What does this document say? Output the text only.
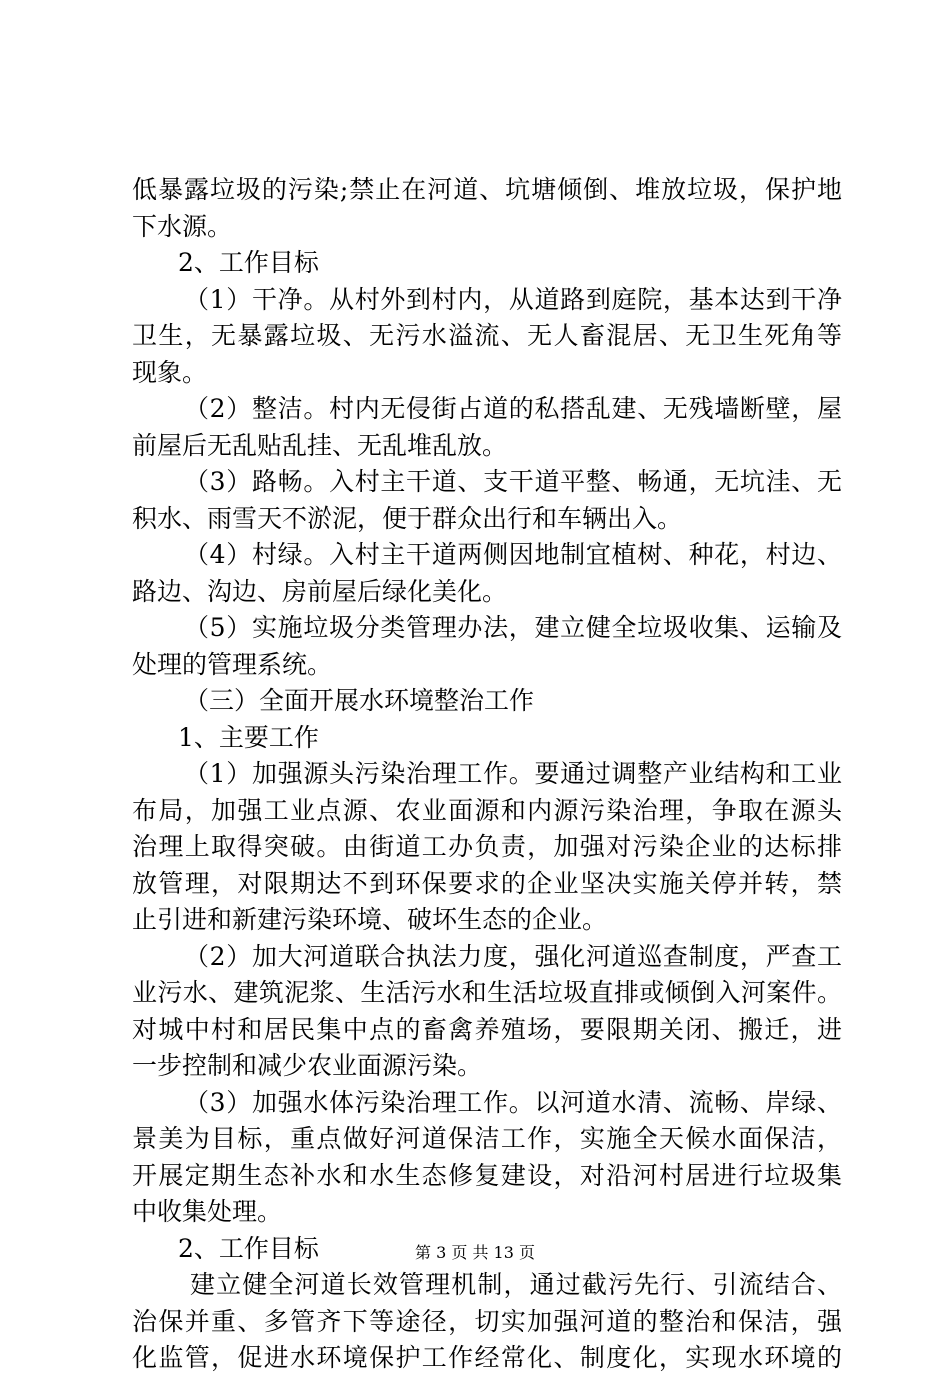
低暴露垃圾的污染;禁止在河道、坑塘倾倒、堆放垃圾，保护地
下水源。
2、工作目标
（1）干净。从村外到村内，从道路到庭院，基本达到干净
卫生，无暴露垃圾、无污水溢流、无人畜混居、无卫生死角等
现象。
（2）整洁。村内无侵街占道的私搭乱建、无残墙断壁，屋
前屋后无乱贴乱挂、无乱堆乱放。
（3）路畅。入村主干道、支干道平整、畅通，无坑洼、无
积水、雨雪天不淤泥，便于群众出行和车辆出入。
（4）村绿。入村主干道两侧因地制宜植树、种花，村边、
路边、沟边、房前屋后绿化美化。
（5）实施垃圾分类管理办法，建立健全垃圾收集、运输及
处理的管理系统。
（三）全面开展水环境整治工作
1、主要工作
（1）加强源头污染治理工作。要通过调整产业结构和工业
布局，加强工业点源、农业面源和内源污染治理，争取在源头
治理上取得突破。由街道工办负责，加强对污染企业的达标排
放管理，对限期达不到环保要求的企业坚决实施关停并转，禁
止引进和新建污染环境、破坏生态的企业。
（2）加大河道联合执法力度，强化河道巡查制度，严查工
业污水、建筑泥浆、生活污水和生活垃圾直排或倾倒入河案件。
对城中村和居民集中点的畜禽养殖场，要限期关闭、搬迁，进
一步控制和减少农业面源污染。
（3）加强水体污染治理工作。以河道水清、流畅、岸绿、
景美为目标，重点做好河道保洁工作，实施全天候水面保洁，
开展定期生态补水和水生态修复建设，对沿河村居进行垃圾集
中收集处理。
2、工作目标
建立健全河道长效管理机制，通过截污先行、引流结合、
治保并重、多管齐下等途径，切实加强河道的整治和保洁，强
化监管，促进水环境保护工作经常化、制度化，实现水环境的
第 3 页 共 13 页
